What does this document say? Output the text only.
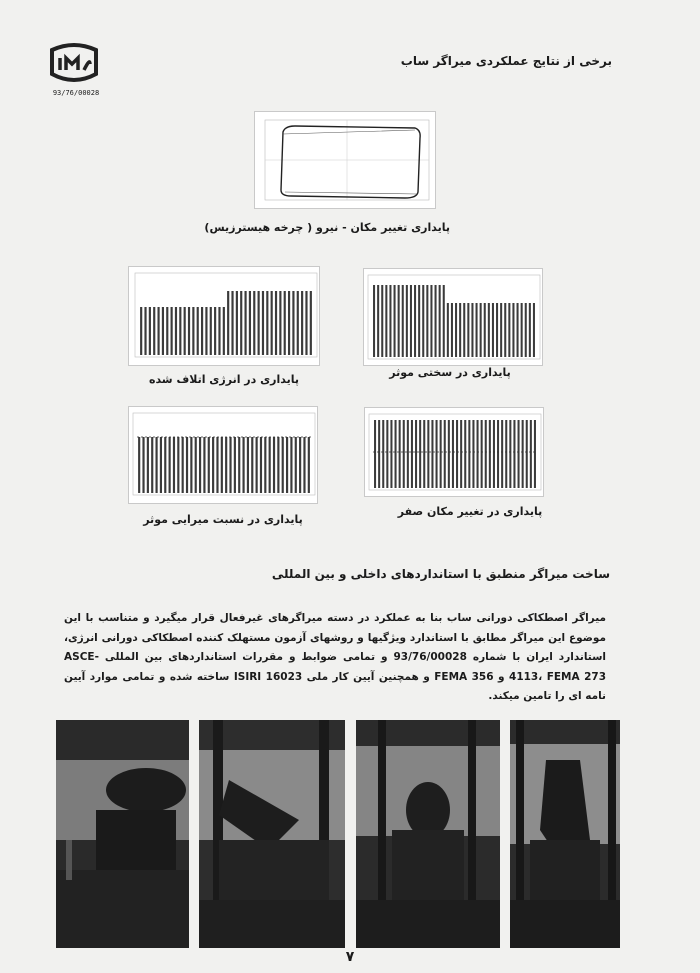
93/76/00028
برخی از نتایج عملکردی میراگر ساب
پایداری تغییر مکان - نیرو ( چرخه هیسترزیس)
پایداری در انرژی اتلاف شده
پایداری در سختی موثر
پایداری در نسبت میرایی موثر
پایداری در تغییر مکان صفر
ساخت میراگر منطبق با استانداردهای داخلی و بین المللی
میراگر اصطکاکی دورانی ساب بنا به عملکرد در دسته میراگرهای غیرفعال قرار میگیرد و متناسب با این موضوع این میراگر مطابق با استاندارد ویژگیها و روشهای آزمون مستهلک کننده اصطکاکی دورانی انرژی، استاندارد ایران با شماره 93/76/00028 و تمامی ضوابط و مقررات استانداردهای بین المللی ASCE-4113، FEMA 273 و FEMA 356 و همچنین آیین کار ملی ISIRI 16023 ساخته شده و تمامی موارد آیین نامه ای را تامین میکند.
۷
